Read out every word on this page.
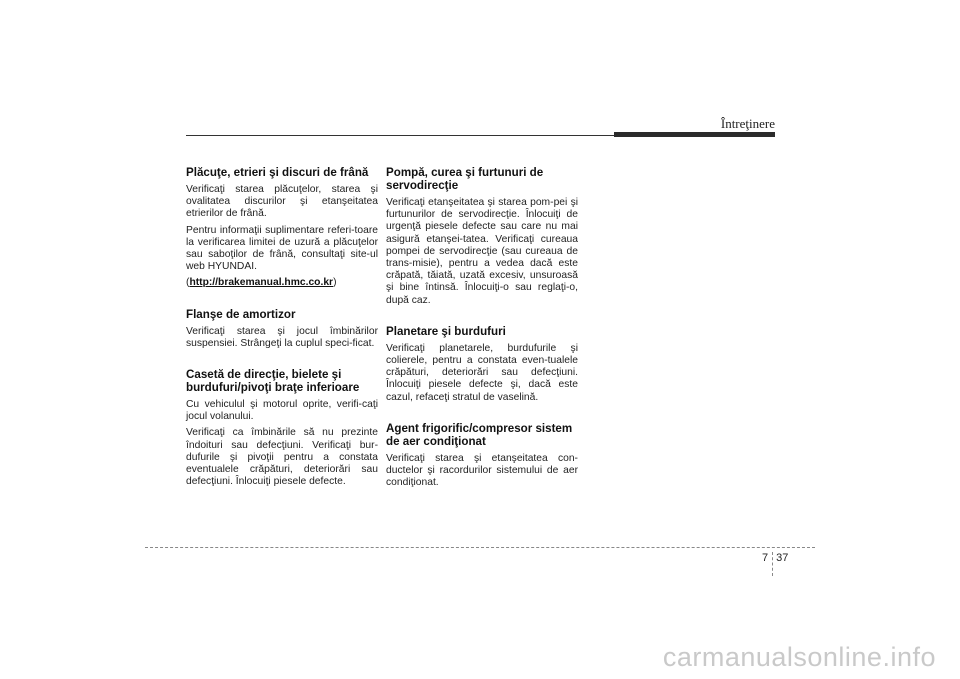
Întreţinere
Plăcuţe, etrieri şi discuri de frână

Verificaţi starea plăcuţelor, starea şi ovalitatea discurilor şi etanşeitatea etrierilor de frână.

Pentru informaţii suplimentare referi-toare la verificarea limitei de uzură a plăcuţelor sau saboţilor de frână, consultaţi site-ul web HYUNDAI.

(http://brakemanual.hmc.co.kr)

Flanşe de amortizor

Verificaţi starea şi jocul îmbinărilor suspensiei. Strângeţi la cuplul speci-ficat.

Casetă de direcţie, bielete şi burdufuri/pivoţi braţe inferioare

Cu vehiculul şi motorul oprite, verifi-caţi jocul volanului.

Verificaţi ca îmbinările să nu prezinte îndoituri sau defecţiuni. Verificaţi bur-dufurile şi pivoţii pentru a constata eventualele crăpături, deteriorări sau defecţiuni. Înlocuiţi piesele defecte.

Pompă, curea şi furtunuri de servodirecţie

Verificaţi etanşeitatea şi starea pom-pei şi furtunurilor de servodirecţie. Înlocuiţi de urgenţă piesele defecte sau care nu mai asigură etanşei-tatea. Verificaţi cureaua pompei de servodirecţie (sau cureaua de trans-misie), pentru a vedea dacă este crăpată, tăiată, uzată excesiv, unsuroasă şi bine întinsă. Înlocuiţi-o sau reglaţi-o, după caz.

Planetare şi burdufuri

Verificaţi planetarele, burdufurile şi colierele, pentru a constata even-tualele crăpături, deteriorări sau defecţiuni. Înlocuiţi piesele defecte şi, dacă este cazul, refaceţi stratul de vaselină.

Agent frigorific/compresor sistem de aer condiţionat

Verificaţi starea şi etanşeitatea con-ductelor şi racordurilor sistemului de aer condiţionat.

7 37
carmanualsonline.info
